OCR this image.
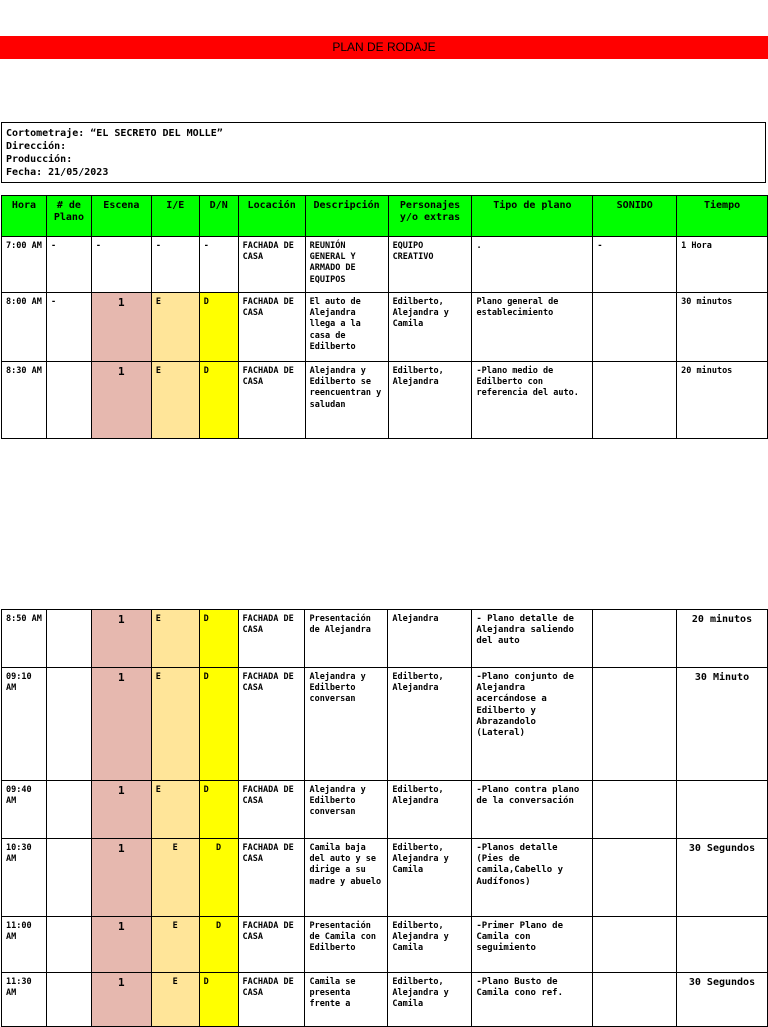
PLAN DE RODAJE
Cortometraje: “EL SECRETO DEL MOLLE”
Dirección:
Producción:
Fecha: 21/05/2023
Hora	# de Plano	Escena	I/E	D/N	Locación	Descripción	Personajes y/o extras	Tipo de plano	SONIDO	Tiempo
7:00 AM	-	-	-	-	FACHADA DE CASA	REUNIÓN GENERAL Y ARMADO DE EQUIPOS	EQUIPO CREATIVO	.	-	1 Hora
8:00 AM	-	1	E	D	FACHADA DE CASA	El auto de Alejandra llega a la casa de Edilberto	Edilberto, Alejandra y Camila	Plano general de establecimiento		30 minutos
8:30 AM		1	E	D	FACHADA DE CASA	Alejandra y Edilberto se reencuentran y saludan	Edilberto, Alejandra	-Plano medio de Edilberto con referencia del auto.		20 minutos
8:50 AM		1	E	D	FACHADA DE CASA	Presentación de Alejandra	Alejandra	- Plano detalle de Alejandra saliendo del auto		20 minutos
09:10 AM		1	E	D	FACHADA DE CASA	Alejandra y Edilberto conversan	Edilberto, Alejandra	-Plano conjunto de Alejandra acercándose a Edilberto y Abrazandolo (Lateral)		30 Minuto
09:40 AM		1	E	D	FACHADA DE CASA	Alejandra y Edilberto conversan	Edilberto, Alejandra	-Plano contra plano de la conversación		
10:30 AM		1	E	D	FACHADA DE CASA	Camila baja del auto y se dirige a su madre y abuelo	Edilberto, Alejandra y Camila	-Planos detalle (Pies de camila,Cabello y Audífonos)		30 Segundos
11:00 AM		1	E	D	FACHADA DE CASA	Presentación de Camila con Edilberto	Edilberto, Alejandra y Camila	-Primer Plano de Camila con seguimiento		
11:30 AM		1	E	D	FACHADA DE CASA	Camila se presenta frente a	Edilberto, Alejandra y Camila	-Plano Busto de Camila cono ref.		30 Segundos
